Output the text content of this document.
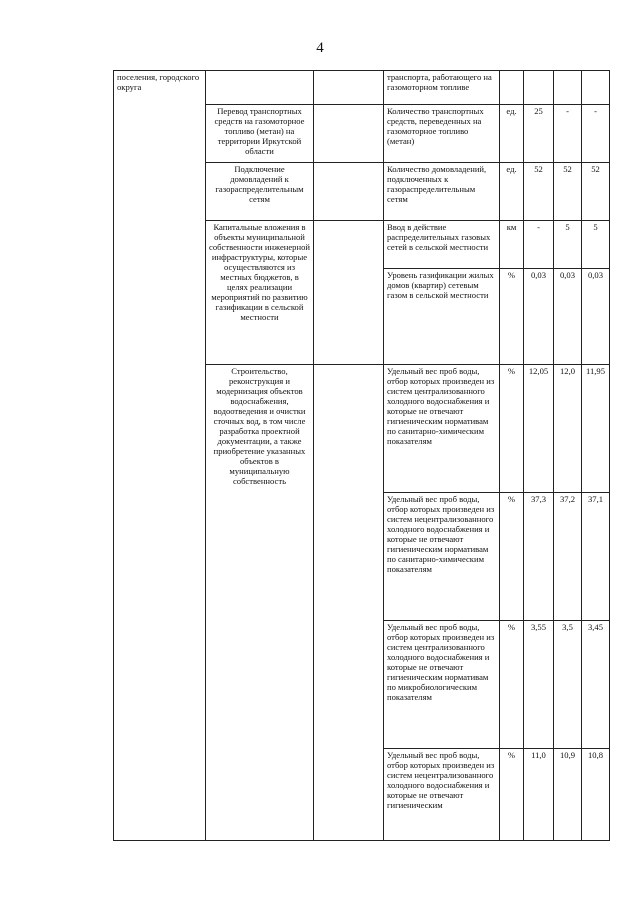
4
поселения, городского округа			транспорта, работающего на газомоторном топливе				
	Перевод транспортных средств на газомоторное топливо (метан) на территории Иркутской области		Количество транспортных средств, переведенных на газомоторное топливо (метан)	ед.	25	-	-
	Подключение домовладений к газораспределительным сетям		Количество домовладений, подключенных к газораспределительным сетям	ед.	52	52	52
	Капитальные вложения в объекты муниципальной собственности инженерной инфраструктуры, которые осуществляются из местных бюджетов, в целях реализации мероприятий по развитию газификации в сельской местности		Ввод в действие распределительных газовых сетей в сельской местности	км	-	5	5
			Уровень газификации жилых домов (квартир) сетевым газом в сельской местности	%	0,03	0,03	0,03
	Строительство, реконструкция и модернизация объектов водоснабжения, водоотведения и очистки сточных вод, в том числе разработка проектной документации, а также приобретение указанных объектов в муниципальную собственность		Удельный вес проб воды, отбор которых произведен из систем централизованного холодного водоснабжения и которые не отвечают гигиеническим нормативам по санитарно-химическим показателям	%	12,05	12,0	11,95
			Удельный вес проб воды, отбор которых произведен из систем нецентрализованного холодного водоснабжения и которые не отвечают гигиеническим нормативам по санитарно-химическим показателям	%	37,3	37,2	37,1
			Удельный вес проб воды, отбор которых произведен из систем централизованного холодного водоснабжения и которые не отвечают гигиеническим нормативам по микробиологическим показателям	%	3,55	3,5	3,45
			Удельный вес проб воды, отбор которых произведен из систем нецентрализованного холодного водоснабжения и которые не отвечают гигиеническим	%	11,0	10,9	10,8
